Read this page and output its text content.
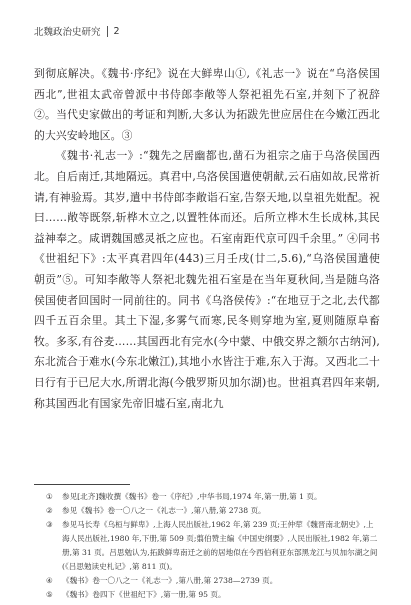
北魏政治史研究 2

到彻底解决。《魏书·序纪》说在大鲜卑山①,《礼志一》说在“乌洛侯国西北”,世祖太武帝曾派中书侍郎李敞等人祭祀祖先石室,并刻下了祝辞②。当代史家做出的考证和判断,大多认为拓跋先世应居住在今嫩江西北的大兴安岭地区。③

《魏书·礼志一》:“魏先之居幽都也,凿石为祖宗之庙于乌洛侯国西北。自后南迁,其地隔远。真君中,乌洛侯国遣使朝献,云石庙如故,民常祈请,有神验焉。其岁,遣中书侍郎李敞诣石室,告祭天地,以皇祖先妣配。祝曰……敞等既祭,斩桦木立之,以置牲体而还。后所立桦木生长成林,其民益神奉之。咸谓魏国感灵祇之应也。石室南距代京可四千余里。” ④同书《世祖纪下》:太平真君四年(443)三月壬戌(廿二,5.6),“乌洛侯国遣使朝贡”⑤。可知李敞等人祭祀北魏先祖石室是在当年夏秋间,当是随乌洛侯国使者回国时一同前往的。同书《乌洛侯传》:“在地豆于之北,去代都四千五百余里。其土下湿,多雾气而寒,民冬则穿地为室,夏则随原阜畜牧。多豕,有谷麦……其国西北有完水(今中蒙、中俄交界之额尔古纳河),东北流合于难水(今东北嫩江),其地小水皆注于难,东入于海。又西北二十日行有于已尼大水,所谓北海(今俄罗斯贝加尔湖)也。世祖真君四年来朝,称其国西北有国家先帝旧墟石室,南北九

①	参见[北齐]魏收撰《魏书》卷一《序纪》,中华书局,1974 年,第一册,第 1 页。
②	参见《魏书》卷一〇八之一《礼志一》,第八册,第 2738 页。
③	参见马长寿《乌桓与鲜卑》,上海人民出版社,1962 年,第 239 页;王仲荦《魏晋南北朝史》,上海人民出版社,1980 年,下册,第 509 页;翦伯赞主编《中国史纲要》,人民出版社,1982 年,第二册,第 31 页。吕思勉认为,拓跋鲜卑南迁之前的居地似在今西伯利亚东部黑龙江与贝加尔湖之间(《吕思勉读史札记》,第 811 页)。
④	《魏书》卷一〇八之一《礼志一》,第八册,第 2738—2739 页。
⑤	《魏书》卷四下《世祖纪下》,第一册,第 95 页。
